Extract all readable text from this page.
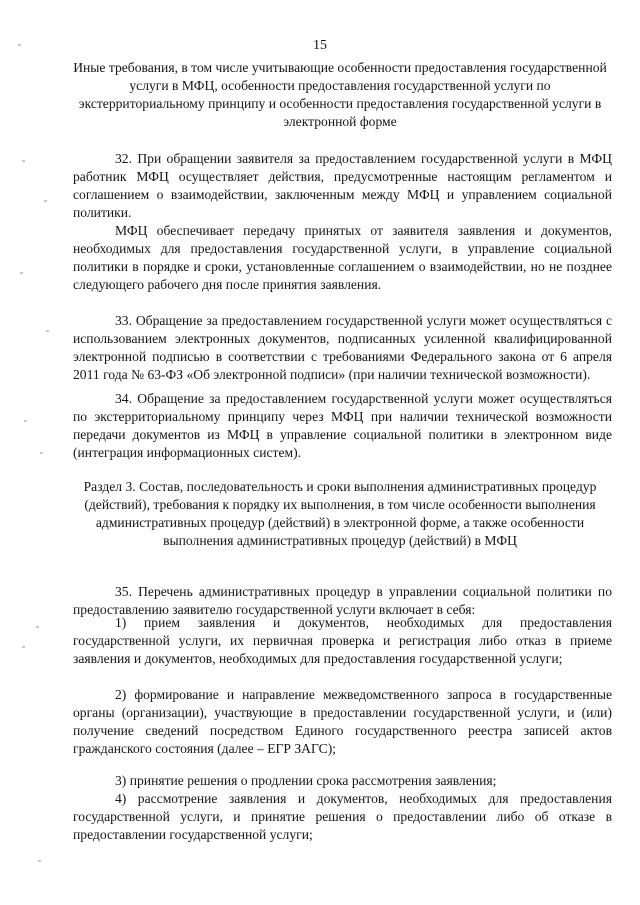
15
Иные требования, в том числе учитывающие особенности предоставления государственной услуги в МФЦ, особенности предоставления государственной услуги по экстерриториальному принципу и особенности предоставления государственной услуги в электронной форме

32. При обращении заявителя за предоставлением государственной услуги в МФЦ работник МФЦ осуществляет действия, предусмотренные настоящим регламентом и соглашением о взаимодействии, заключенным между МФЦ и управлением социальной политики.

МФЦ обеспечивает передачу принятых от заявителя заявления и документов, необходимых для предоставления государственной услуги, в управление социальной политики в порядке и сроки, установленные соглашением о взаимодействии, но не позднее следующего рабочего дня после принятия заявления.

33. Обращение за предоставлением государственной услуги может осуществляться с использованием электронных документов, подписанных усиленной квалифицированной электронной подписью в соответствии с требованиями Федерального закона от 6 апреля 2011 года № 63-ФЗ «Об электронной подписи» (при наличии технической возможности).

34. Обращение за предоставлением государственной услуги может осуществляться по экстерриториальному принципу через МФЦ при наличии технической возможности передачи документов из МФЦ в управление социальной политики в электронном виде (интеграция информационных систем).

Раздел 3. Состав, последовательность и сроки выполнения административных процедур (действий), требования к порядку их выполнения, в том числе особенности выполнения административных процедур (действий) в электронной форме, а также особенности выполнения административных процедур (действий) в МФЦ

35. Перечень административных процедур в управлении социальной политики по предоставлению заявителю государственной услуги включает в себя:

1) прием заявления и документов, необходимых для предоставления государственной услуги, их первичная проверка и регистрация либо отказ в приеме заявления и документов, необходимых для предоставления государственной услуги;

2) формирование и направление межведомственного запроса в государственные органы (организации), участвующие в предоставлении государственной услуги, и (или) получение сведений посредством Единого государственного реестра записей актов гражданского состояния (далее – ЕГР ЗАГС);

3) принятие решения о продлении срока рассмотрения заявления;

4) рассмотрение заявления и документов, необходимых для предоставления государственной услуги, и принятие решения о предоставлении либо об отказе в предоставлении государственной услуги;
